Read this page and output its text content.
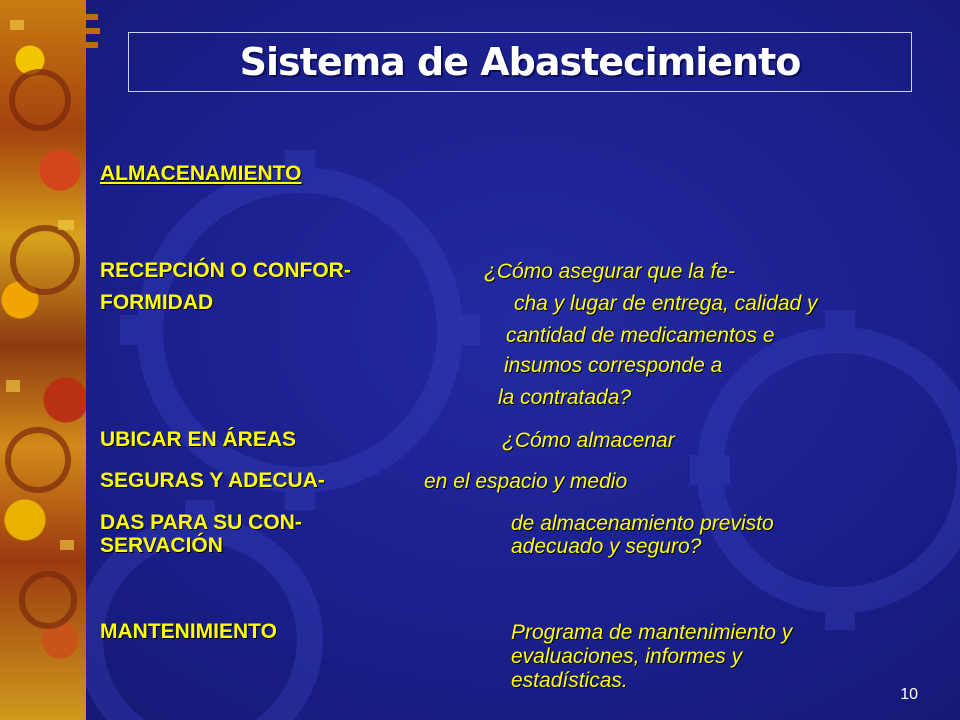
Sistema de Abastecimiento
ALMACENAMIENTO
RECEPCIÓN O CONFOR-
FORMIDAD
¿Cómo asegurar que la fe-
cha y lugar de entrega, calidad y
cantidad de medicamentos e
insumos corresponde a
la contratada?
UBICAR EN ÁREAS
SEGURAS Y ADECUA-
DAS PARA SU CON-
SERVACIÓN
¿Cómo almacenar
en el espacio y medio
de almacenamiento previsto
adecuado y seguro?
MANTENIMIENTO	Programa de mantenimiento y
evaluaciones, informes y
estadísticas.
10
